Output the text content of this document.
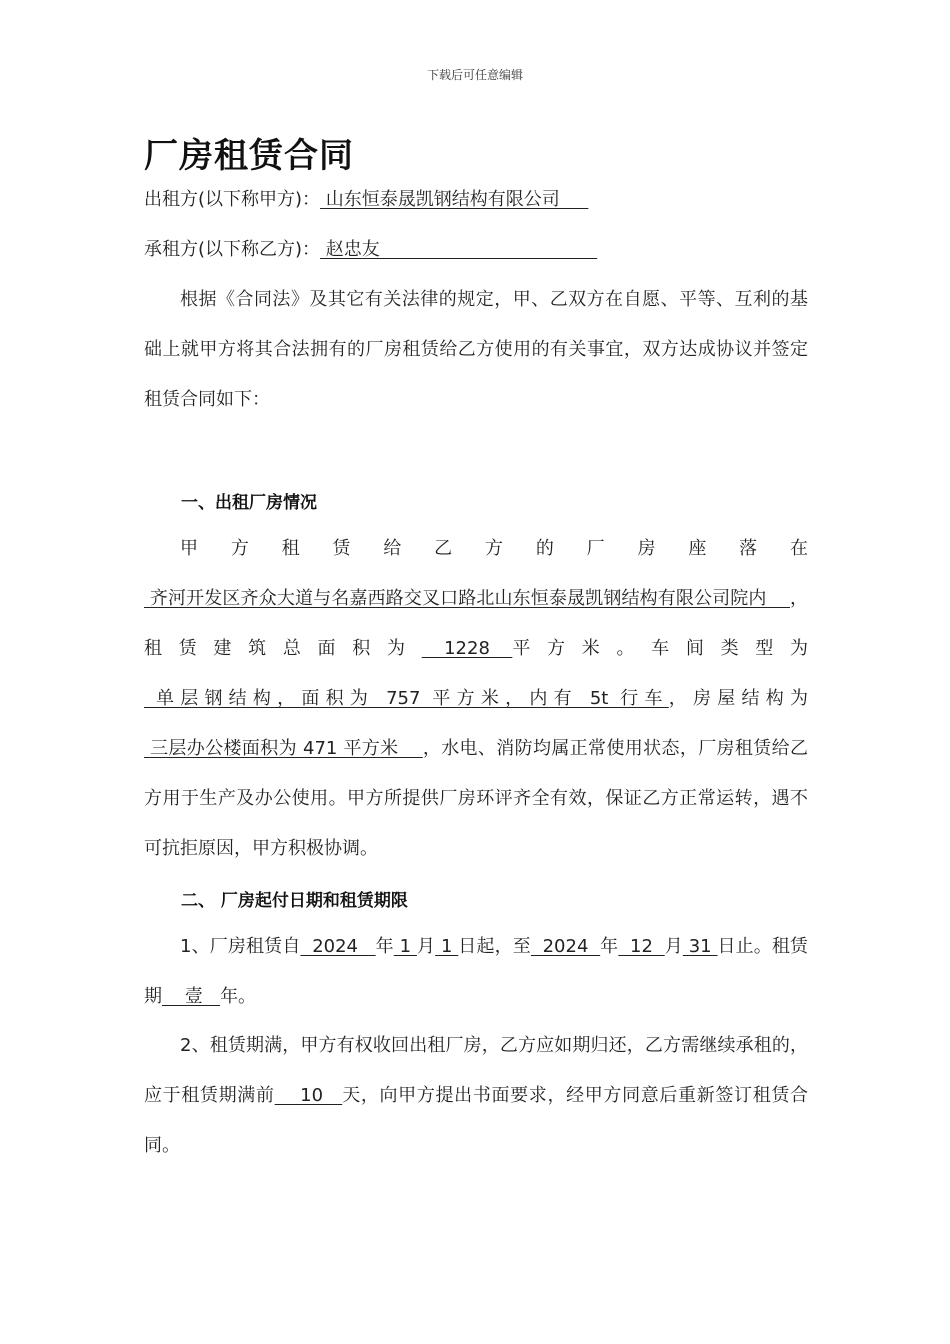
下载后可任意编辑
厂房租赁合同
出租方(以下称甲方)： 山东恒泰晟凯钢结构有限公司
承租方(以下称乙方)： 赵忠友

根据《合同法》及其它有关法律的规定，甲、乙双方在自愿、平等、互利的基础上就甲方将其合法拥有的厂房租赁给乙方使用的有关事宜，双方达成协议并签定租赁合同如下：

一、出租厂房情况

甲方租赁给乙方的厂房座落在 齐河开发区齐众大道与名嘉西路交叉口路北山东恒泰晟凯钢结构有限公司院内    ，租赁建筑总面积为 1228 平方米。车间类型为 单层钢结构，面积为 757 平方米，内有 5t 行车，房屋结构为 三层办公楼面积为 471 平方米    ，水电、消防均属正常使用状态，厂房租赁给乙方用于生产及办公使用。甲方所提供厂房环评齐全有效，保证乙方正常运转，遇不可抗拒原因，甲方积极协调。

二、 厂房起付日期和租赁期限

1、厂房租赁自  2024   年 1 月 1 日起，至  2024  年  12  月 31 日止。租赁期    壹   年。

2、租赁期满，甲方有权收回出租厂房，乙方应如期归还，乙方需继续承租的，应于租赁期满前    10   天，向甲方提出书面要求，经甲方同意后重新签订租赁合同。
